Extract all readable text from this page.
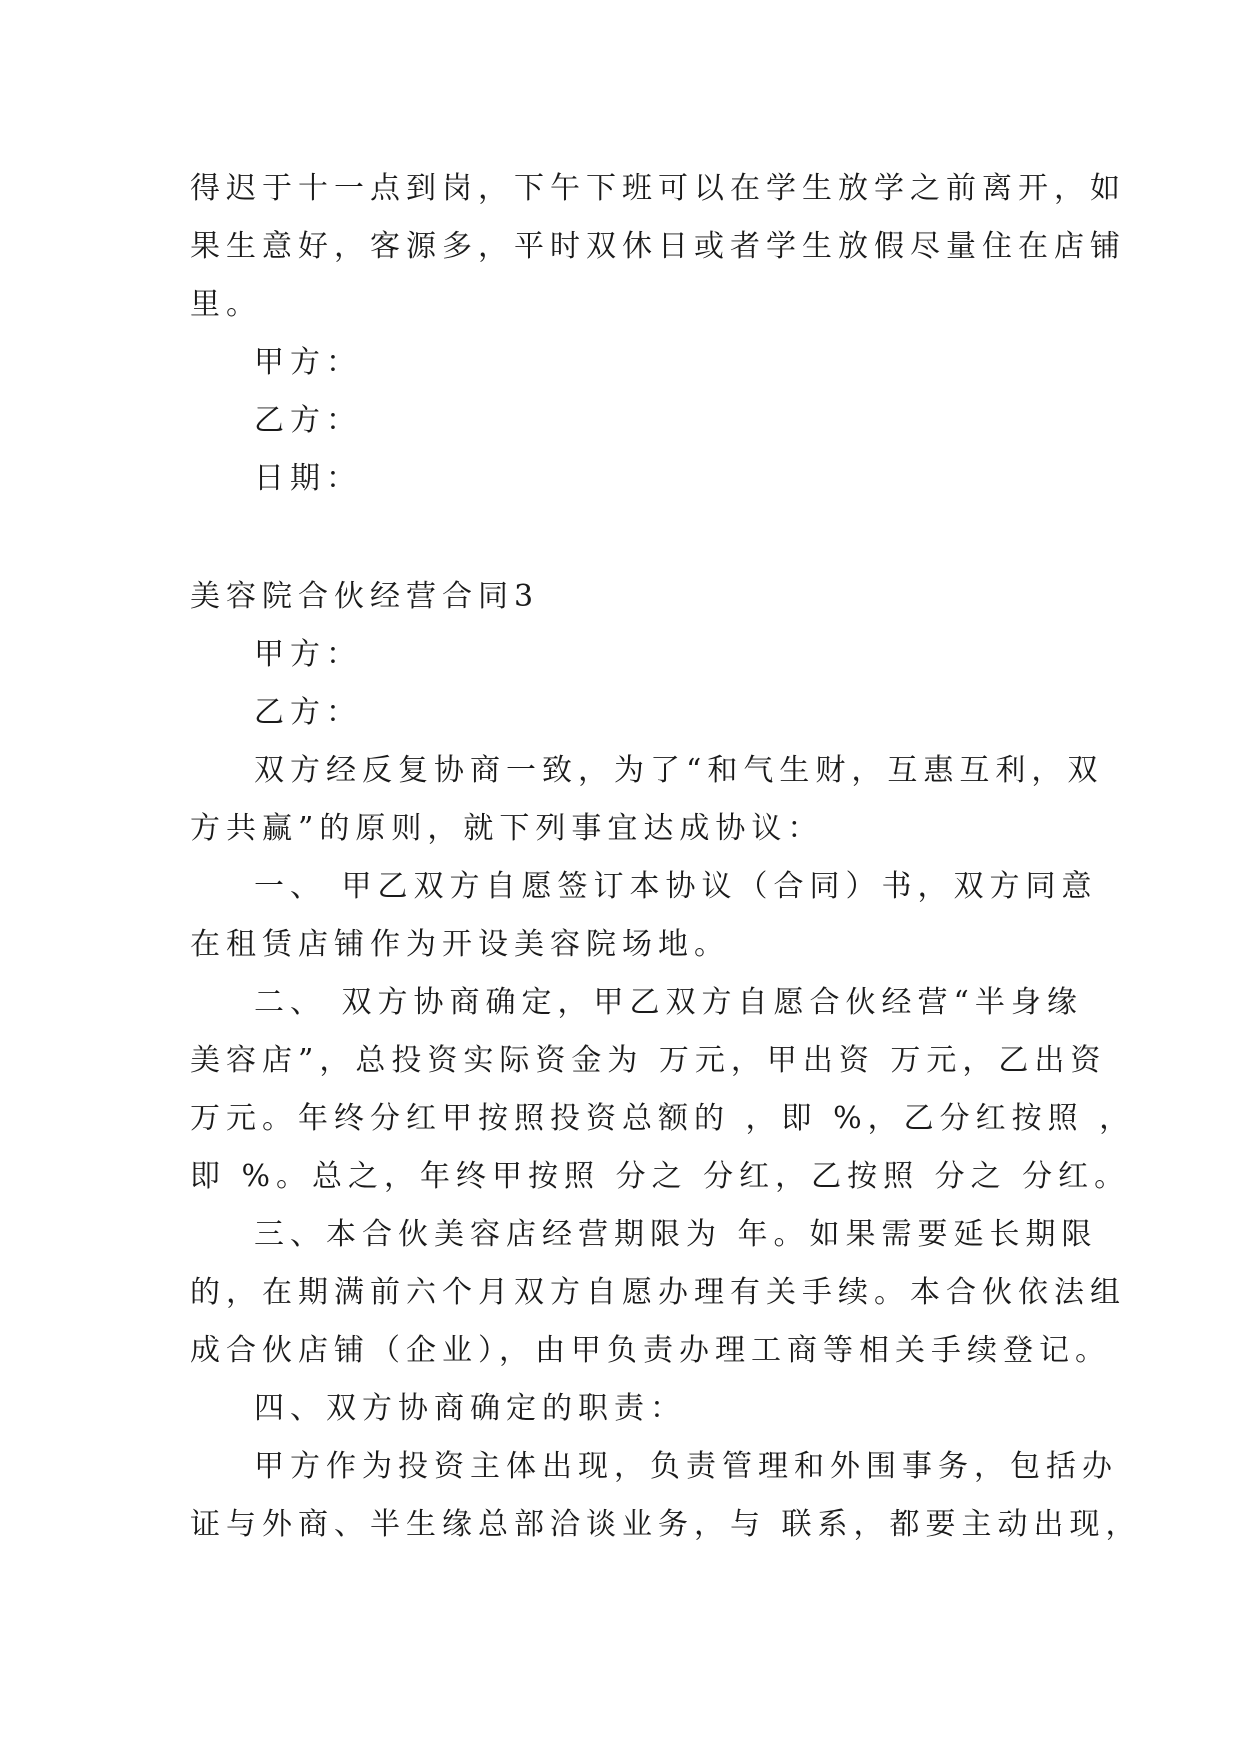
得迟于十一点到岗，下午下班可以在学生放学之前离开，如
果生意好，客源多，平时双休日或者学生放假尽量住在店铺
里。
甲方：
乙方：
日期：
美容院合伙经营合同3
甲方：
乙方：
双方经反复协商一致，为了“和气生财，互惠互利，双
方共赢”的原则，就下列事宜达成协议：
一、 甲乙双方自愿签订本协议（合同）书，双方同意
在租赁店铺作为开设美容院场地。
二、 双方协商确定，甲乙双方自愿合伙经营“半身缘
美容店”，总投资实际资金为 万元，甲出资 万元，乙出资
万元。年终分红甲按照投资总额的 ，即 %，乙分红按照 ，
即 %。总之，年终甲按照 分之 分红，乙按照 分之 分红。
三、本合伙美容店经营期限为 年。如果需要延长期限
的，在期满前六个月双方自愿办理有关手续。本合伙依法组
成合伙店铺（企业），由甲负责办理工商等相关手续登记。
四、双方协商确定的职责：
甲方作为投资主体出现，负责管理和外围事务，包括办
证与外商、半生缘总部洽谈业务，与 联系，都要主动出现，
